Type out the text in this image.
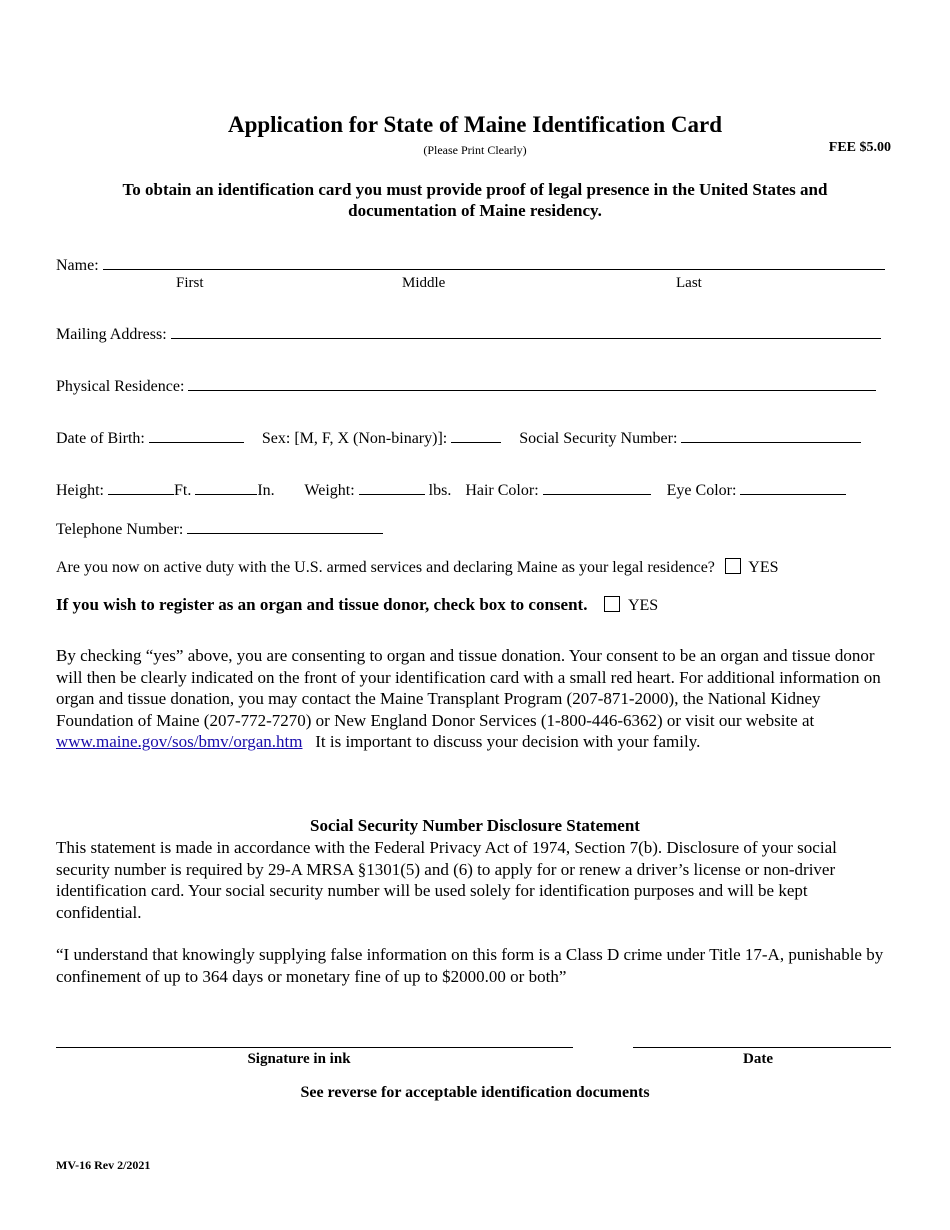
Application for State of Maine Identification Card
(Please Print Clearly)	FEE $5.00
To obtain an identification card you must provide proof of legal presence in the United States and documentation of Maine residency.
Name:
First	Middle	Last
Mailing Address:
Physical Residence:
Date of Birth:	Sex: [M, F, X (Non-binary)]:	Social Security Number:
Height:	Ft.	In. Weight:	lbs. Hair Color:	Eye Color:
Telephone Number:
Are you now on active duty with the U.S. armed services and declaring Maine as your legal residence? YES
If you wish to register as an organ and tissue donor, check box to consent.	YES
By checking “yes” above, you are consenting to organ and tissue donation. Your consent to be an organ and tissue donor will then be clearly indicated on the front of your identification card with a small red heart. For additional information on organ and tissue donation, you may contact the Maine Transplant Program (207-871-2000), the National Kidney Foundation of Maine (207-772-7270) or New England Donor Services (1-800-446-6362) or visit our website at www.maine.gov/sos/bmv/organ.htm It is important to discuss your decision with your family.
Social Security Number Disclosure Statement
This statement is made in accordance with the Federal Privacy Act of 1974, Section 7(b). Disclosure of your social security number is required by 29-A MRSA §1301(5) and (6) to apply for or renew a driver’s license or non-driver identification card. Your social security number will be used solely for identification purposes and will be kept confidential.
“I understand that knowingly supplying false information on this form is a Class D crime under Title 17-A, punishable by confinement of up to 364 days or monetary fine of up to $2000.00 or both”
Signature in ink	Date
See reverse for acceptable identification documents
MV-16 Rev 2/2021
